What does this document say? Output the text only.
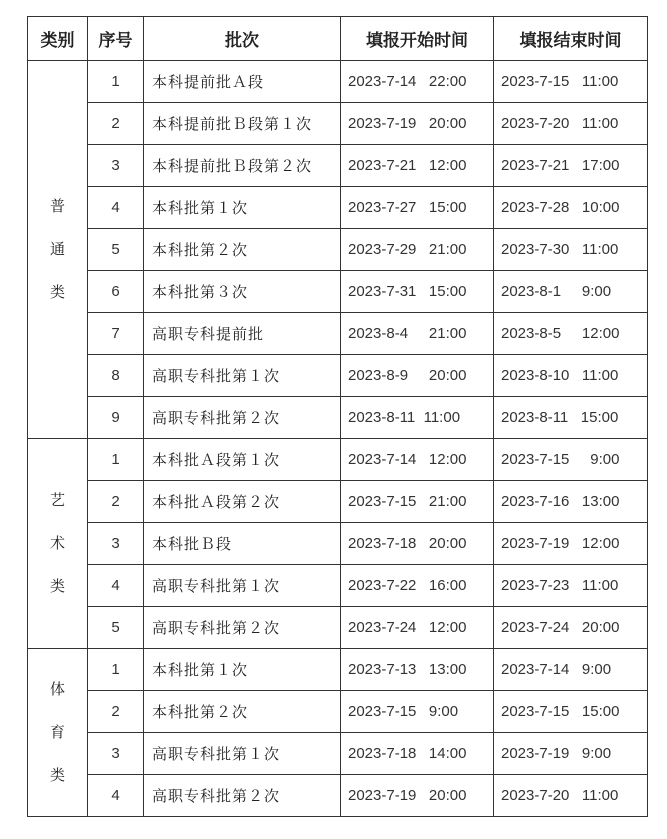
类别	序号	批次	填报开始时间	填报结束时间

普
通
类	1	本科提前批Ａ段	2023-7-14   22:00	2023-7-15   11:00
	2	本科提前批Ｂ段第１次	2023-7-19   20:00	2023-7-20   11:00
	3	本科提前批Ｂ段第２次	2023-7-21   12:00	2023-7-21   17:00
	4	本科批第１次	2023-7-27   15:00	2023-7-28   10:00
	5	本科批第２次	2023-7-29   21:00	2023-7-30   11:00
	6	本科批第３次	2023-7-31   15:00	2023-8-1     9:00
	7	高职专科提前批	2023-8-4     21:00	2023-8-5     12:00
	8	高职专科批第１次	2023-8-9     20:00	2023-8-10   11:00
	9	高职专科批第２次	2023-8-11  11:00	2023-8-11   15:00

艺
术
类	1	本科批Ａ段第１次	2023-7-14   12:00	2023-7-15     9:00
	2	本科批Ａ段第２次	2023-7-15   21:00	2023-7-16   13:00
	3	本科批Ｂ段	2023-7-18   20:00	2023-7-19   12:00
	4	高职专科批第１次	2023-7-22   16:00	2023-7-23   11:00
	5	高职专科批第２次	2023-7-24   12:00	2023-7-24   20:00

体
育
类	1	本科批第１次	2023-7-13   13:00	2023-7-14   9:00
	2	本科批第２次	2023-7-15   9:00	2023-7-15   15:00
	3	高职专科批第１次	2023-7-18   14:00	2023-7-19   9:00
	4	高职专科批第２次	2023-7-19   20:00	2023-7-20   11:00
